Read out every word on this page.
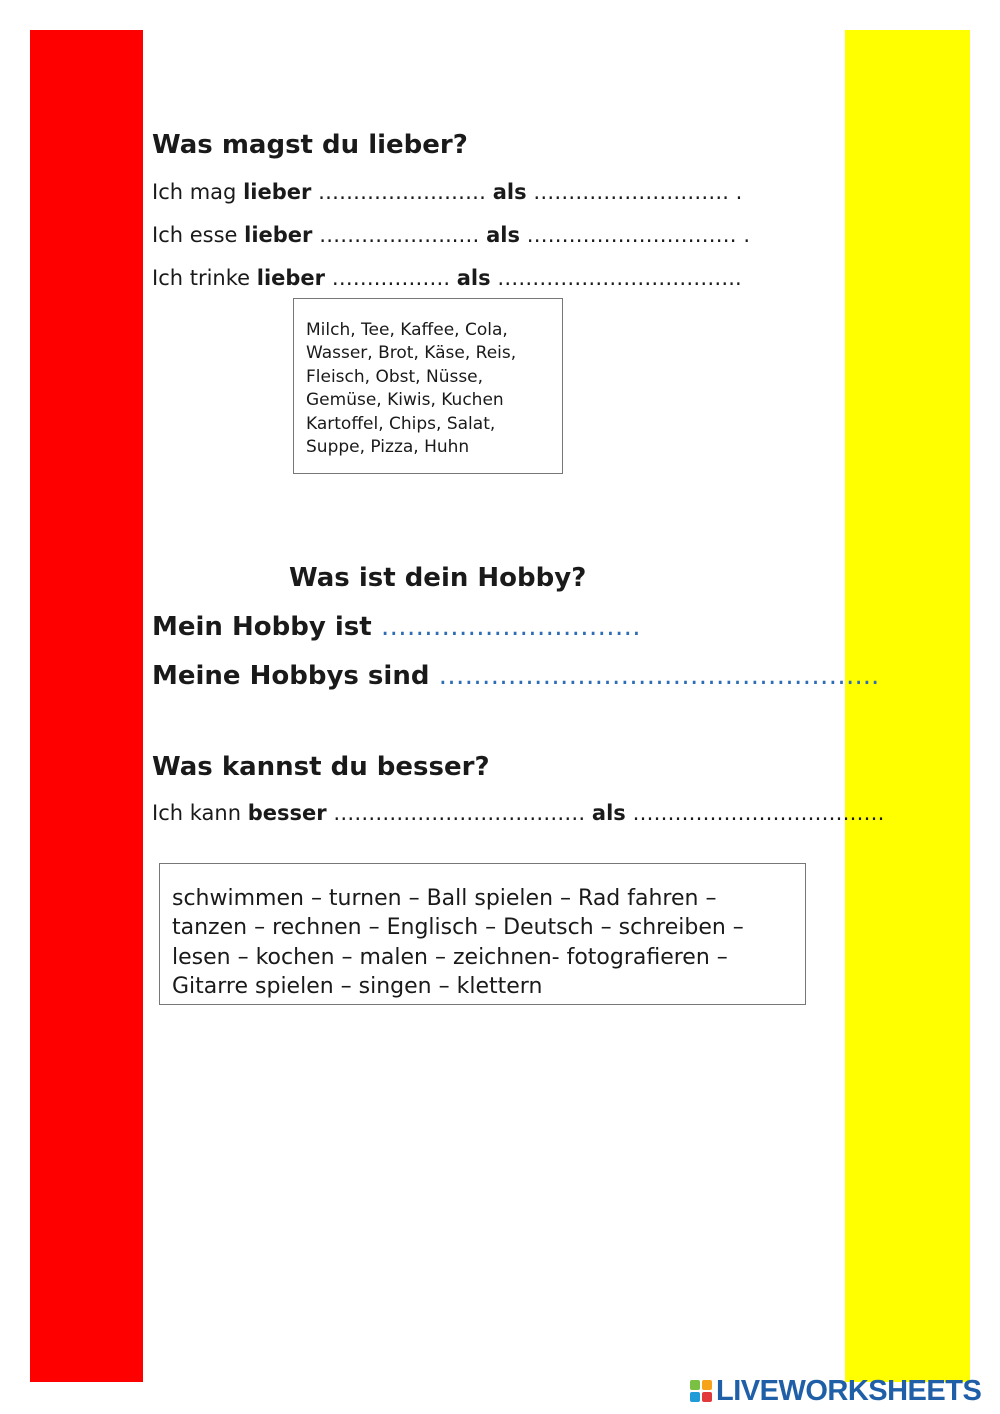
Was magst du lieber?
Ich mag lieber …………………… als ………………………. .
Ich esse lieber ………………..… als ………………………… .
Ich trinke lieber …….………. als ……………………………..
Milch, Tee, Kaffee, Cola,
Wasser, Brot, Käse, Reis,
Fleisch, Obst, Nüsse,
Gemüse, Kiwis, Kuchen
Kartoffel, Chips, Salat,
Suppe, Pizza, Huhn
Was ist dein Hobby?
Mein Hobby ist …………………………
Meine Hobbys sind …………………………………………...
Was kannst du besser?
Ich kann besser ……………………………… als ………………………………
schwimmen – turnen – Ball spielen – Rad fahren –
tanzen – rechnen – Englisch – Deutsch – schreiben –
lesen – kochen – malen – zeichnen- fotografieren –
Gitarre spielen – singen – klettern
LIVEWORKSHEETS
